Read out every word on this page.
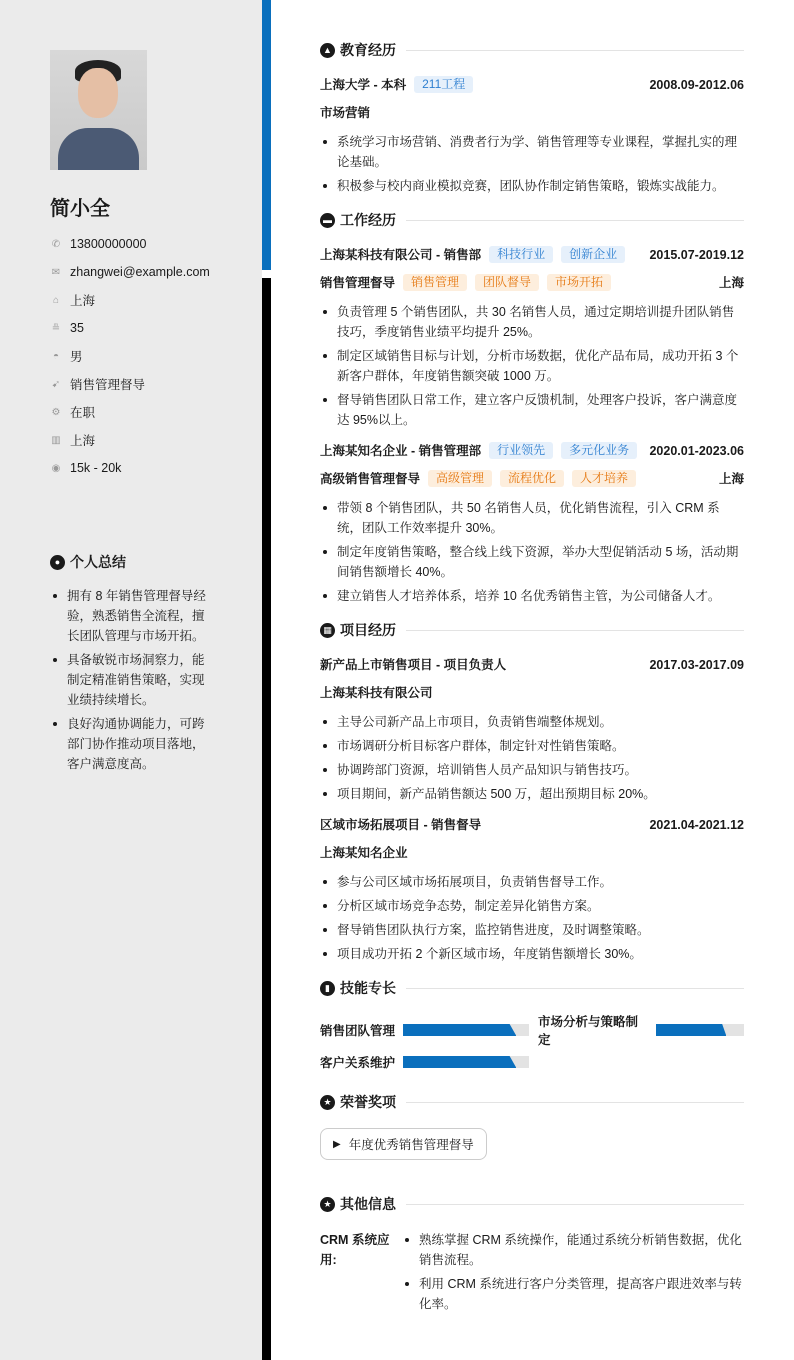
简小全
✆ 13800000000
✉ zhangwei@example.com
⌂ 上海
≞ 35
◓ 男
➹ 销售管理督导
⚙ 在职
▥ 上海
◉ 15k - 20k
● 个人总结
拥有 8 年销售管理督导经验，熟悉销售全流程，擅长团队管理与市场开拓。
具备敏锐市场洞察力，能制定精准销售策略，实现业绩持续增长。
良好沟通协调能力，可跨部门协作推动项目落地，客户满意度高。
▲ 教育经历
上海大学 - 本科	211工程	2008.09-2012.06
市场营销
系统学习市场营销、消费者行为学、销售管理等专业课程，掌握扎实的理论基础。
积极参与校内商业模拟竞赛，团队协作制定销售策略，锻炼实战能力。
▬ 工作经历
上海某科技有限公司 - 销售部	科技行业	创新企业	2015.07-2019.12
销售管理督导	销售管理	团队督导	市场开拓	上海
负责管理 5 个销售团队，共 30 名销售人员，通过定期培训提升团队销售技巧，季度销售业绩平均提升 25%。
制定区域销售目标与计划，分析市场数据，优化产品布局，成功开拓 3 个新客户群体，年度销售额突破 1000 万。
督导销售团队日常工作，建立客户反馈机制，处理客户投诉，客户满意度达 95%以上。
上海某知名企业 - 销售管理部	行业领先	多元化业务	2020.01-2023.06
高级销售管理督导	高级管理	流程优化	人才培养	上海
带领 8 个销售团队，共 50 名销售人员，优化销售流程，引入 CRM 系统，团队工作效率提升 30%。
制定年度销售策略，整合线上线下资源，举办大型促销活动 5 场，活动期间销售额增长 40%。
建立销售人才培养体系，培养 10 名优秀销售主管，为公司储备人才。
▦ 项目经历
新产品上市销售项目 - 项目负责人	2017.03-2017.09
上海某科技有限公司
主导公司新产品上市项目，负责销售端整体规划。
市场调研分析目标客户群体，制定针对性销售策略。
协调跨部门资源，培训销售人员产品知识与销售技巧。
项目期间，新产品销售额达 500 万，超出预期目标 20%。
区域市场拓展项目 - 销售督导	2021.04-2021.12
上海某知名企业
参与公司区域市场拓展项目，负责销售督导工作。
分析区域市场竞争态势，制定差异化销售方案。
督导销售团队执行方案，监控销售进度，及时调整策略。
项目成功开拓 2 个新区域市场，年度销售额增长 30%。
▮ 技能专长
销售团队管理
市场分析与策略制定
客户关系维护
★ 荣誉奖项
▶ 年度优秀销售管理督导
★ 其他信息
CRM 系统应用:
熟练掌握 CRM 系统操作，能通过系统分析销售数据，优化销售流程。
利用 CRM 系统进行客户分类管理，提高客户跟进效率与转化率。
